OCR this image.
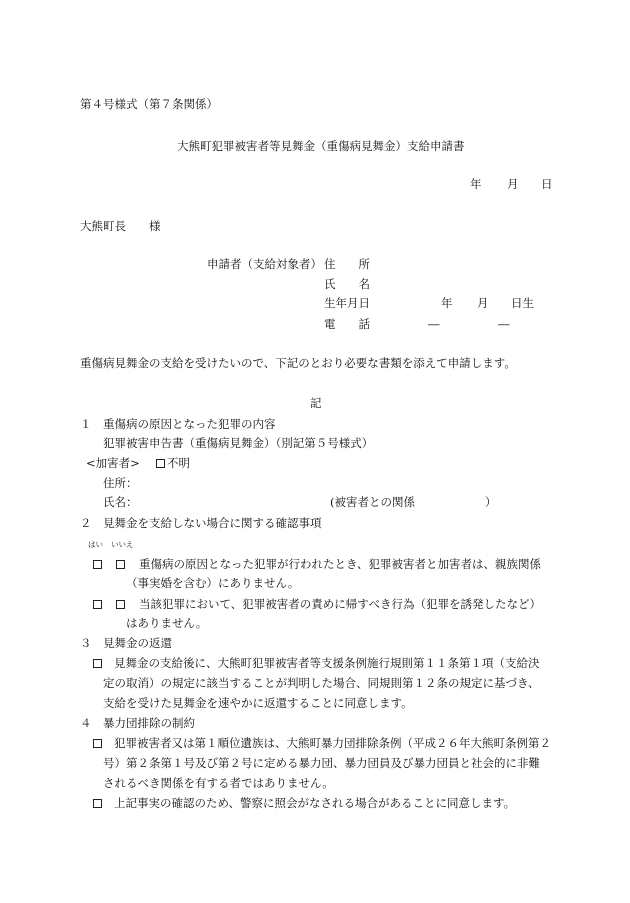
第４号様式（第７条関係）
大熊町犯罪被害者等見舞金（重傷病見舞金）支給申請書
年 月 日
大熊町長 様
申請者（支給対象者） 住　　所
氏　　名
生年月日	年 月 日生
電　　話	―	―
重傷病見舞金の支給を受けたいので、下記のとおり必要な書類を添えて申請します。
記
１　重傷病の原因となった犯罪の内容
犯罪被害申告書（重傷病見舞金）（別記第５号様式）
<加害者> 不明
住所：
氏名：	(被害者との関係	）
２　見舞金を支給しない場合に関する確認事項
はい いいえ
重傷病の原因となった犯罪が行われたとき、犯罪被害者と加害者は、親族関係
（事実婚を含む）にありません。
当該犯罪において、犯罪被害者の責めに帰すべき行為（犯罪を誘発したなど）
はありません。
３　見舞金の返還
見舞金の支給後に、大熊町犯罪被害者等支援条例施行規則第１１条第１項（支給決
定の取消）の規定に該当することが判明した場合、同規則第１２条の規定に基づき、
支給を受けた見舞金を速やかに返還することに同意します。
４　暴力団排除の制約
犯罪被害者又は第１順位遺族は、大熊町暴力団排除条例（平成２６年大熊町条例第２
号）第２条第１号及び第２号に定める暴力団、暴力団員及び暴力団員と社会的に非難
されるべき関係を有する者ではありません。
上記事実の確認のため、警察に照会がなされる場合があることに同意します。
